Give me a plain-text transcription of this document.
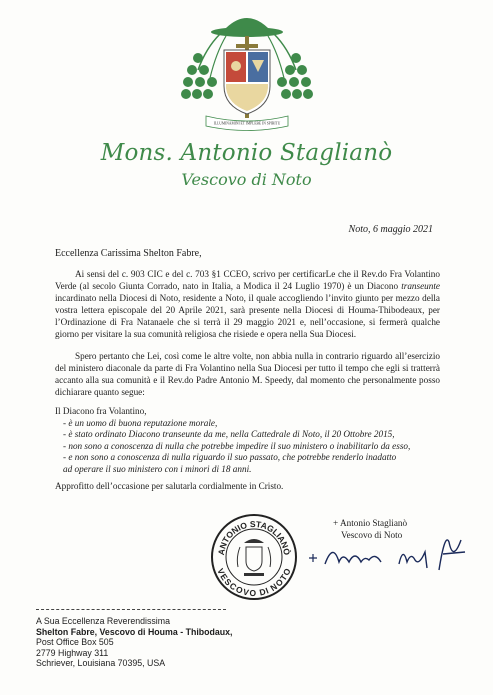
ILLUMINAMINI ET IMPLEBE IN SPIRITU
Mons. Antonio Staglianò
Vescovo di Noto
Noto, 6 maggio 2021
Eccellenza Carissima Shelton Fabre,
Ai sensi del c. 903 CIC e del c. 703 §1 CCEO, scrivo per certificarLe che il Rev.do Fra Volantino Verde (al secolo Giunta Corrado, nato in Italia, a Modica il 24 Luglio 1970) è un Diacono transeunte incardinato nella Diocesi di Noto, residente a Noto, il quale accogliendo l’invito giunto per mezzo della vostra lettera episcopale del 20 Aprile 2021, sarà presente nella Diocesi di Houma-Thibodeaux, per l’Ordinazione di Fra Natanaele che si terrà il 29 maggio 2021 e, nell’occasione, si fermerà qualche giorno per visitare la sua comunità religiosa che risiede e opera nella Sua Diocesi.
Spero pertanto che Lei, così come le altre volte, non abbia nulla in contrario riguardo all’esercizio del ministero diaconale da parte di Fra Volantino nella Sua Diocesi per tutto il tempo che egli si tratterrà accanto alla sua comunità e il Rev.do Padre Antonio M. Speedy, dal momento che personalmente posso dichiarare quanto segue:
Il Diacono fra Volantino,
- è un uomo di buona reputazione morale,
- è stato ordinato Diacono transeunte da me, nella Cattedrale di Noto, il 20 Ottobre 2015,
- non sono a conoscenza di nulla che potrebbe impedire il suo ministero o inabilitarlo da esso,
- e non sono a conoscenza di nulla riguardo il suo passato, che potrebbe renderlo inadatto
ad operare il suo ministero con i minori di 18 anni.
Approfitto dell’occasione per salutarla cordialmente in Cristo.
ANTONIO STAGLIANÒ
VESCOVO DI NOTO
+ Antonio Staglianò
Vescovo di Noto
A Sua Eccellenza Reverendissima
Shelton Fabre, Vescovo di Houma - Thibodaux,
Post Office Box 505
2779 Highway 311
Schriever, Louisiana 70395, USA
